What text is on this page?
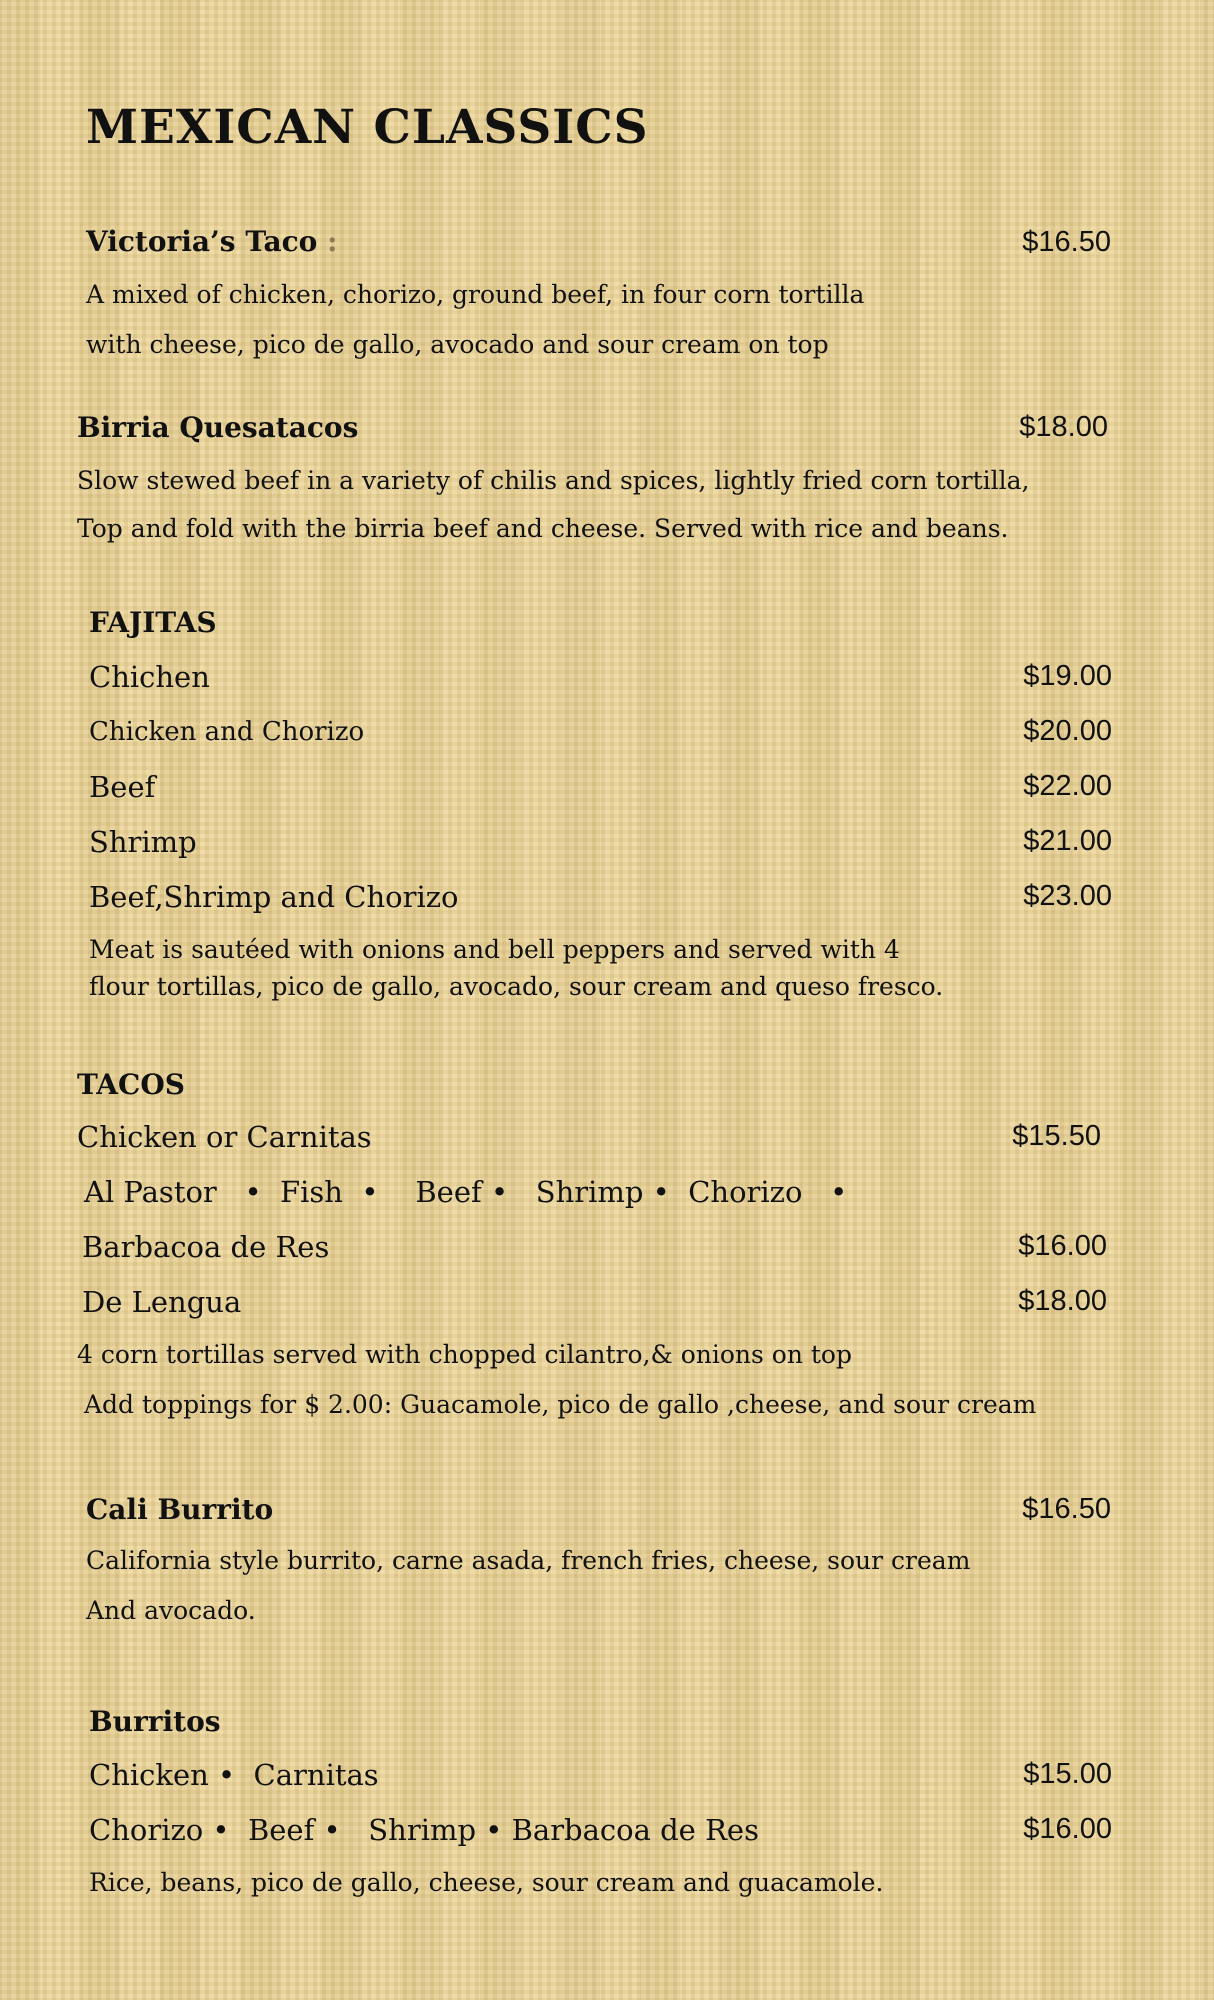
MEXICAN CLASSICS
Victoria’s Taco :	$16.50
A mixed of chicken, chorizo, ground beef, in four corn tortilla
with cheese, pico de gallo, avocado and sour cream on top
Birria Quesatacos	$18.00
Slow stewed beef in a variety of chilis and spices, lightly fried corn tortilla,
Top and fold with the birria beef and cheese. Served with rice and beans.
FAJITAS
Chichen	$19.00
Chicken and Chorizo	$20.00
Beef	$22.00
Shrimp	$21.00
Beef,Shrimp and Chorizo	$23.00
Meat is sautéed with onions and bell peppers and served with 4
flour tortillas, pico de gallo, avocado, sour cream and queso fresco.
TACOS
Chicken or Carnitas	$15.50
Al Pastor   •  Fish  •    Beef •   Shrimp •  Chorizo   •
Barbacoa de Res	$16.00
De Lengua	$18.00
4 corn tortillas served with chopped cilantro,& onions on top
Add toppings for $ 2.00: Guacamole, pico de gallo ,cheese, and sour cream
Cali Burrito	$16.50
California style burrito, carne asada, french fries, cheese, sour cream
And avocado.
Burritos
Chicken •  Carnitas	$15.00
Chorizo •  Beef •   Shrimp • Barbacoa de Res	$16.00
Rice, beans, pico de gallo, cheese, sour cream and guacamole.
